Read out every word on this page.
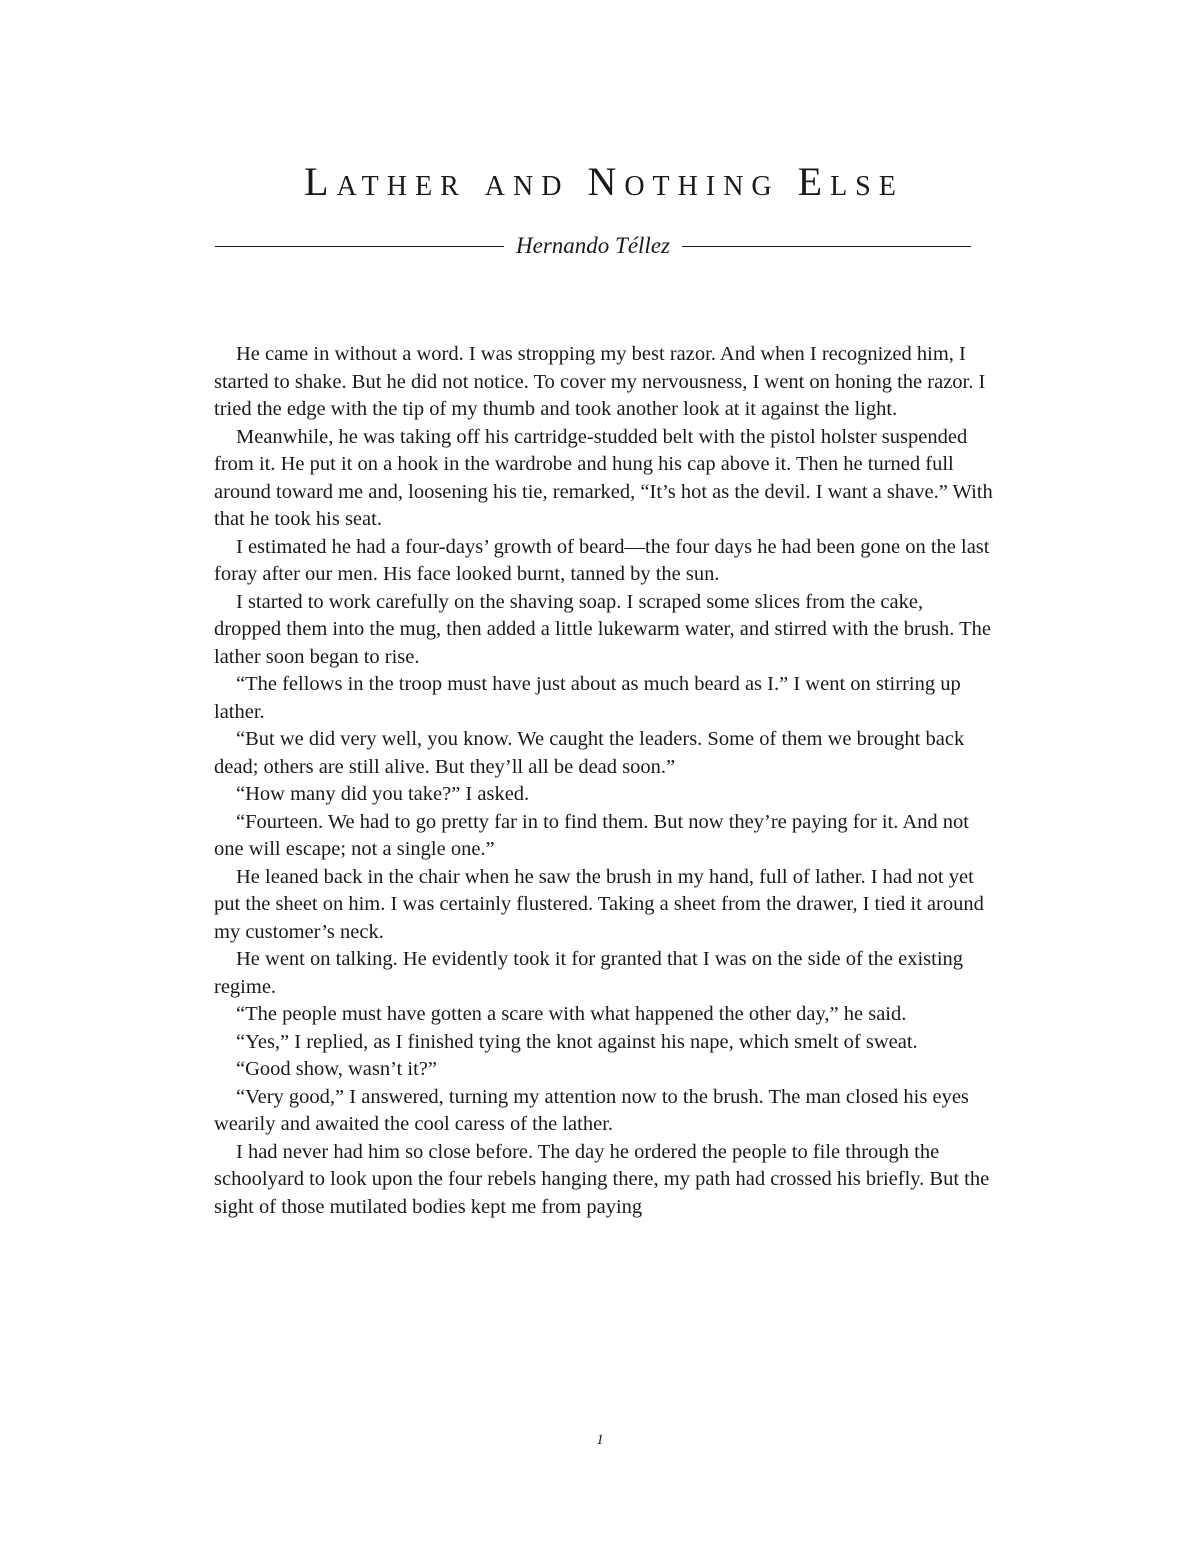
Lather and Nothing Else
Hernando Téllez

He came in without a word. I was stropping my best razor. And when I recognized him, I started to shake. But he did not notice. To cover my nervousness, I went on honing the razor. I tried the edge with the tip of my thumb and took another look at it against the light.

Meanwhile, he was taking off his cartridge-studded belt with the pistol holster suspended from it. He put it on a hook in the wardrobe and hung his cap above it. Then he turned full around toward me and, loosening his tie, remarked, “It’s hot as the devil. I want a shave.” With that he took his seat.

I estimated he had a four-days’ growth of beard—the four days he had been gone on the last foray after our men. His face looked burnt, tanned by the sun.

I started to work carefully on the shaving soap. I scraped some slices from the cake, dropped them into the mug, then added a little lukewarm water, and stirred with the brush. The lather soon began to rise.

“The fellows in the troop must have just about as much beard as I.” I went on stirring up lather.

“But we did very well, you know. We caught the leaders. Some of them we brought back dead; others are still alive. But they’ll all be dead soon.”

“How many did you take?” I asked.

“Fourteen. We had to go pretty far in to find them. But now they’re paying for it. And not one will escape; not a single one.”

He leaned back in the chair when he saw the brush in my hand, full of lather. I had not yet put the sheet on him. I was certainly flustered. Taking a sheet from the drawer, I tied it around my customer’s neck.

He went on talking. He evidently took it for granted that I was on the side of the existing regime.

“The people must have gotten a scare with what happened the other day,” he said.

“Yes,” I replied, as I finished tying the knot against his nape, which smelt of sweat.

“Good show, wasn’t it?”

“Very good,” I answered, turning my attention now to the brush. The man closed his eyes wearily and awaited the cool caress of the lather.

I had never had him so close before. The day he ordered the people to file through the schoolyard to look upon the four rebels hanging there, my path had crossed his briefly. But the sight of those mutilated bodies kept me from paying

1
